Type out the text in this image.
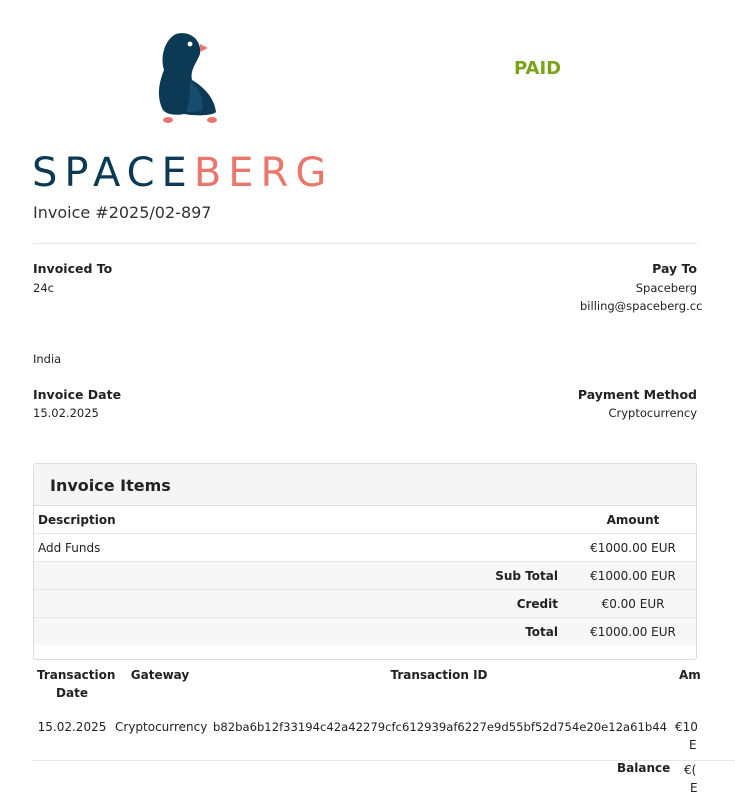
SPACEBERG
Invoice #2025/02-897
PAID
Invoiced To
24c
India
Pay To
Spaceberg
billing@spaceberg.cc
Invoice Date
15.02.2025
Payment Method
Cryptocurrency
Invoice Items
Description	Amount
Add Funds	€1000.00 EUR
Sub Total	€1000.00 EUR
Credit	€0.00 EUR
Total	€1000.00 EUR
Transaction Date	Gateway	Transaction ID	Am
15.02.2025	Cryptocurrency	b82ba6b12f33194c42a42279cfc612939af6227e9d55bf52d754e20e12a61b44	€10
E
Balance €(
E
